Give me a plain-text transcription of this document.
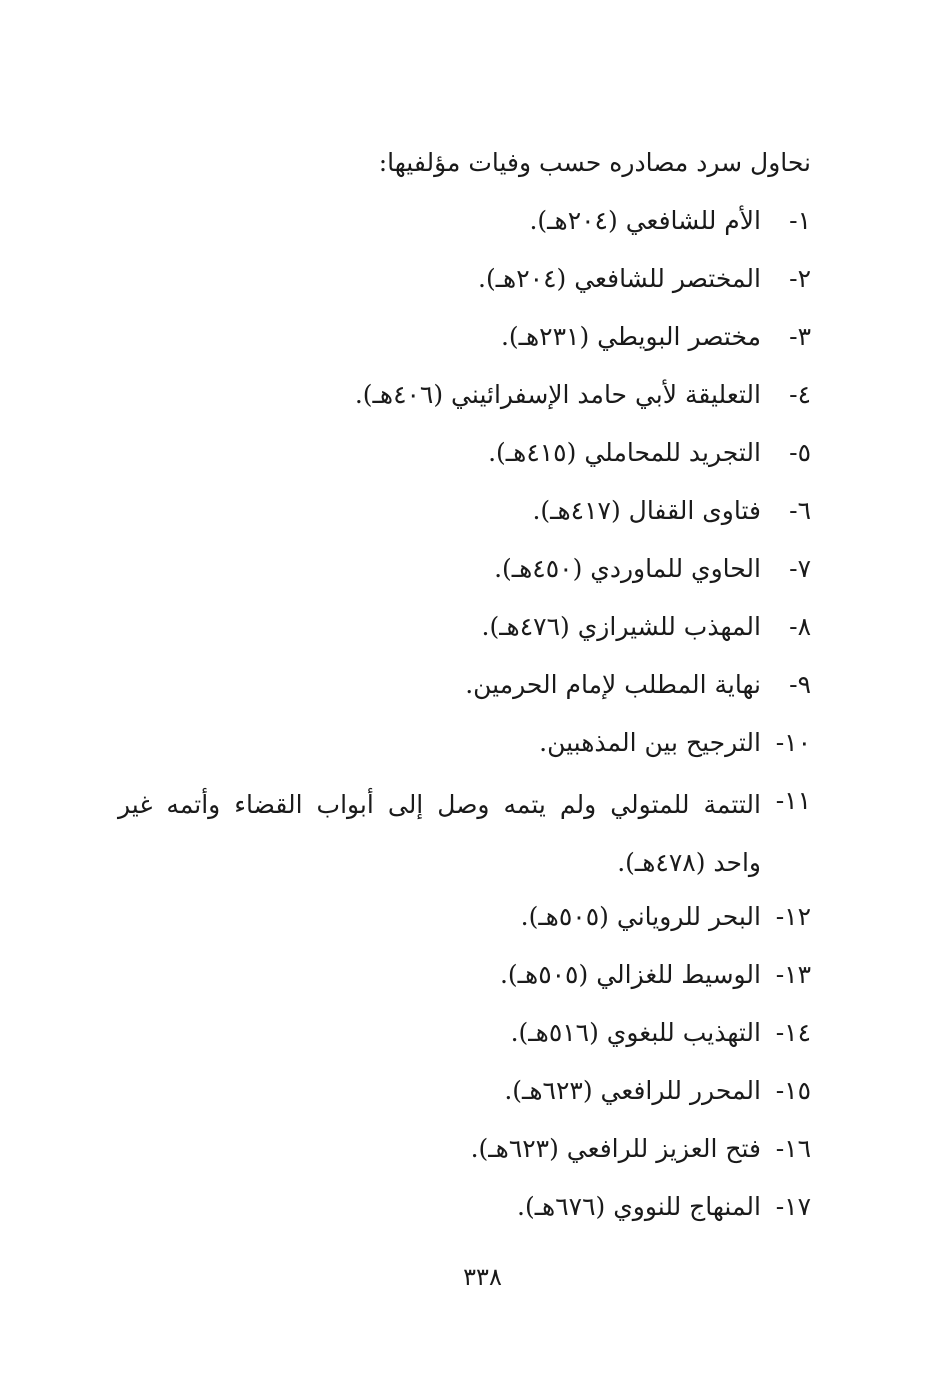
نحاول سرد مصادره حسب وفيات مؤلفيها:
١-
الأم للشافعي (٢٠٤هـ).
٢-
المختصر للشافعي (٢٠٤هـ).
٣-
مختصر البويطي (٢٣١هـ).
٤-
التعليقة لأبي حامد الإسفرائيني (٤٠٦هـ).
٥-
التجريد للمحاملي (٤١٥هـ).
٦-
فتاوى القفال (٤١٧هـ).
٧-
الحاوي للماوردي (٤٥٠هـ).
٨-
المهذب للشيرازي (٤٧٦هـ).
٩-
نهاية المطلب لإمام الحرمين.
١٠-
الترجيح بين المذهبين.
١١-
التتمة للمتولي ولم يتمه وصل إلى أبواب القضاء وأتمه غير واحد (٤٧٨هـ).
١٢-
البحر للروياني (٥٠٥هـ).
١٣-
الوسيط للغزالي (٥٠٥هـ).
١٤-
التهذيب للبغوي (٥١٦هـ).
١٥-
المحرر للرافعي (٦٢٣هـ).
١٦-
فتح العزيز للرافعي (٦٢٣هـ).
١٧-
المنهاج للنووي (٦٧٦هـ).
٣٣٨
